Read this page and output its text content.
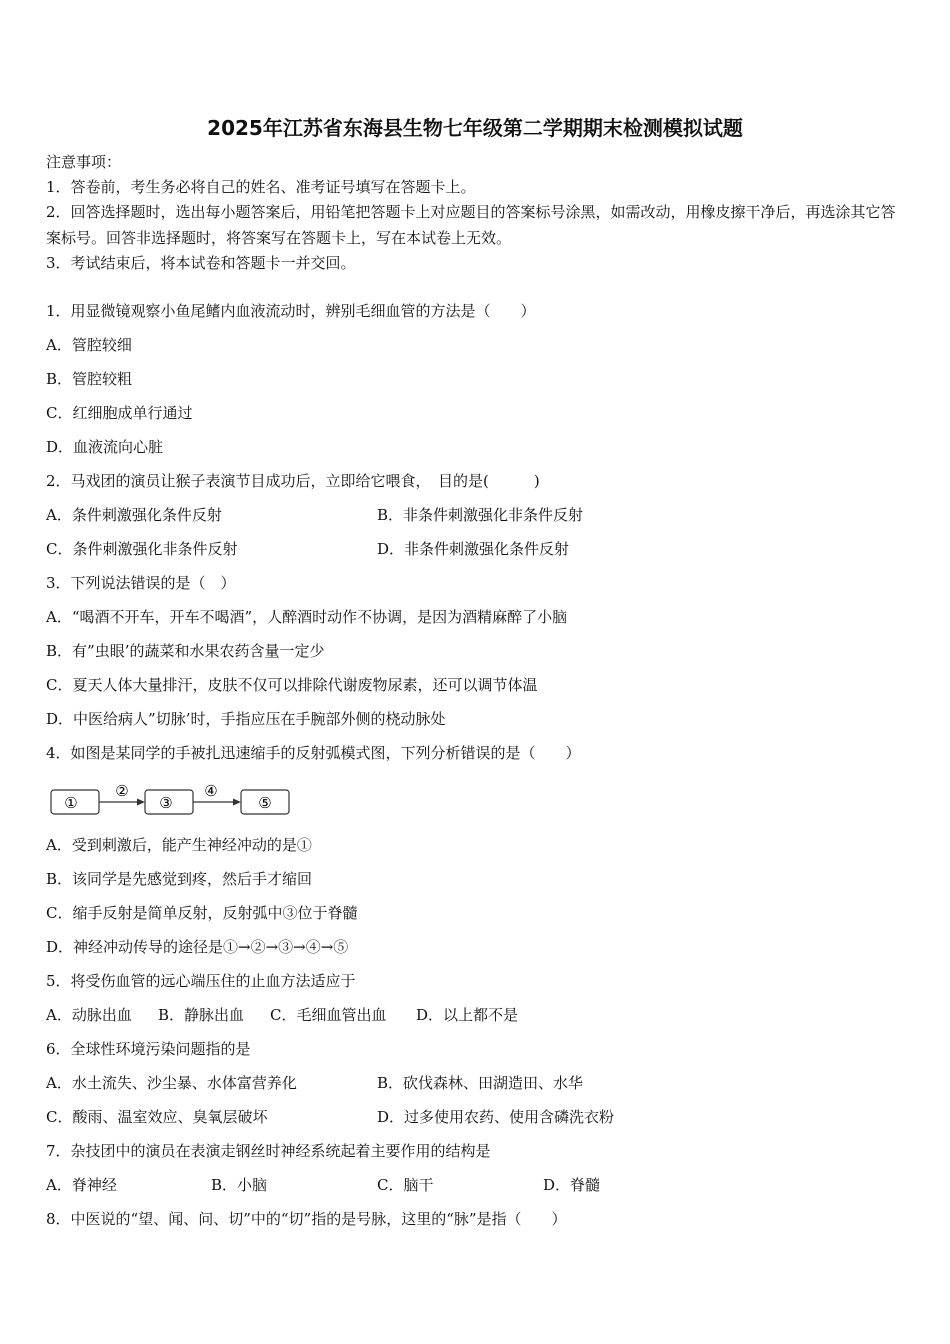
2025年江苏省东海县生物七年级第二学期期末检测模拟试题
注意事项：
1．答卷前，考生务必将自己的姓名、准考证号填写在答题卡上。
2．回答选择题时，选出每小题答案后，用铅笔把答题卡上对应题目的答案标号涂黑，如需改动，用橡皮擦干净后，再选涂其它答案标号。回答非选择题时，将答案写在答题卡上，写在本试卷上无效。
3．考试结束后，将本试卷和答题卡一并交回。
1．用显微镜观察小鱼尾鳍内血液流动时，辨别毛细血管的方法是（　　）
A．管腔较细
B．管腔较粗
C．红细胞成单行通过
D．血液流向心脏
2．马戏团的演员让猴子表演节目成功后，立即给它喂食，　目的是(　　　)
A．条件刺激强化条件反射	B．非条件刺激强化非条件反射
C．条件刺激强化非条件反射	D．非条件刺激强化条件反射
3．下列说法错误的是（　）
A．“喝酒不开车，开车不喝酒”，人醉酒时动作不协调，是因为酒精麻醉了小脑
B．有”虫眼’的蔬菜和水果农药含量一定少
C．夏天人体大量排汗，皮肤不仅可以排除代谢废物尿素，还可以调节体温
D．中医给病人”切脉’时，手指应压在手腕部外侧的桡动脉处
4．如图是某同学的手被扎迅速缩手的反射弧模式图，下列分析错误的是（　　）
①
②
③
④
⑤
A．受到刺激后，能产生神经冲动的是①
B．该同学是先感觉到疼，然后手才缩回
C．缩手反射是简单反射，反射弧中③位于脊髓
D．神经冲动传导的途径是①→②→③→④→⑤
5．将受伤血管的远心端压住的止血方法适应于
A．动脉出血 B．静脉出血 C．毛细血管出血 D．以上都不是
6．全球性环境污染问题指的是
A．水土流失、沙尘暴、水体富营养化	B．砍伐森林、田湖造田、水华
C．酸雨、温室效应、臭氧层破坏	D．过多使用农药、使用含磷洗衣粉
7．杂技团中的演员在表演走钢丝时神经系统起着主要作用的结构是
A．脊神经	B．小脑	C．脑干	D．脊髓
8．中医说的“望、闻、问、切”中的“切”指的是号脉，这里的“脉”是指（　　）
